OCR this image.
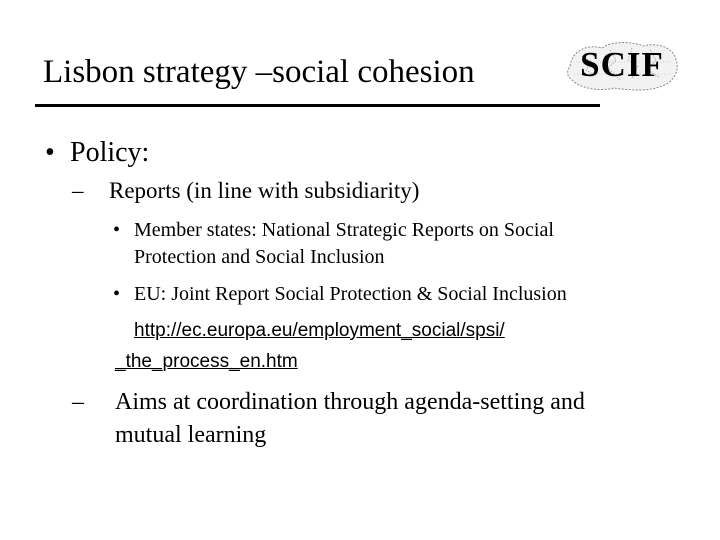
Lisbon strategy –social cohesion	SCIF
• Policy:
– Reports (in line with subsidiarity)
• Member states: National Strategic Reports on Social
Protection and Social Inclusion
• EU: Joint Report Social Protection & Social Inclusion
http://ec.europa.eu/employment_social/spsi/
_the_process_en.htm
– Aims at coordination through agenda-setting and
mutual learning
